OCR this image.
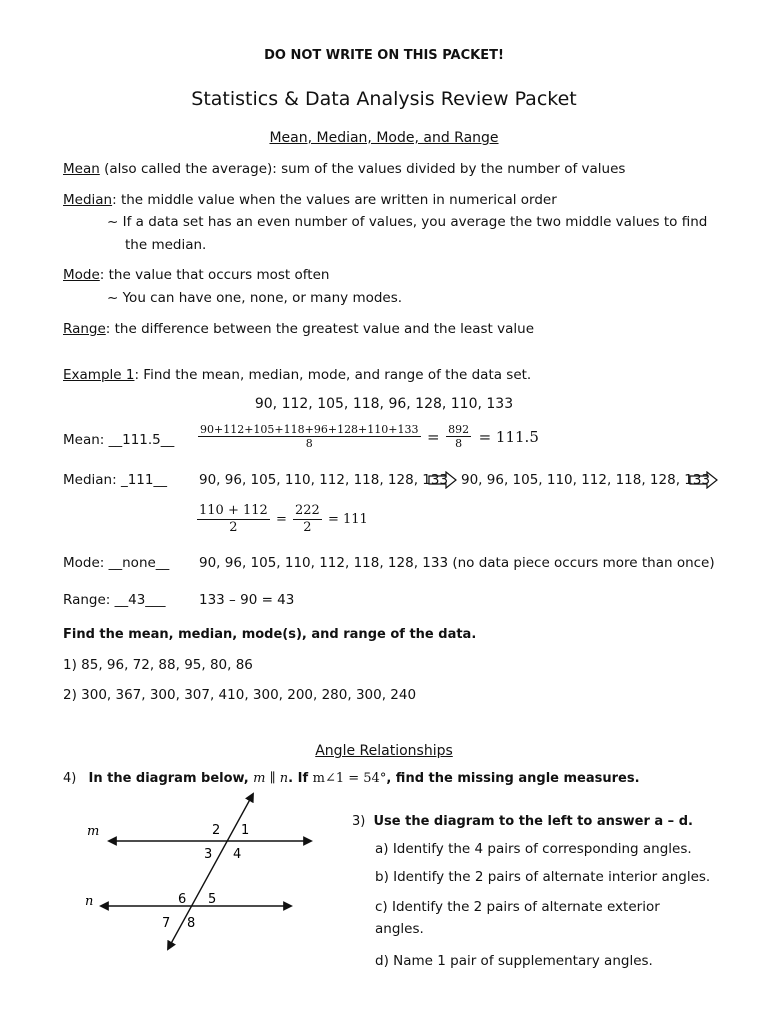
DO NOT WRITE ON THIS PACKET!
Statistics & Data Analysis Review Packet
Mean, Median, Mode, and Range
Mean (also called the average): sum of the values divided by the number of values
Median: the middle value when the values are written in numerical order
~ If a data set has an even number of values, you average the two middle values to find
the median.
Mode: the value that occurs most often
~ You can have one, none, or many modes.
Range: the difference between the greatest value and the least value
Example 1: Find the mean, median, mode, and range of the data set.
90, 112, 105, 118, 96, 128, 110, 133
Mean: __111.5__ $\frac{90+112+105+118+96+128+110+133}{8} = \frac{892}{8} = 111.5$
Median: _111__ 90, 96, 105, 110, 112, 118, 128, 133 90, 96, 105, 110, 112, 118, 128, 133
$\frac{110 + 112}{2} = \frac{222}{2} = 111$
Mode: __none__ 90, 96, 105, 110, 112, 118, 128, 133 (no data piece occurs more than once)
Range: __43___ 133 – 90 = 43
Find the mean, median, mode(s), and range of the data.
1) 85, 96, 72, 88, 95, 80, 86
2) 300, 367, 300, 307, 410, 300, 200, 280, 300, 240
Angle Relationships
4) In the diagram below, m ∥ n. If m∠1 = 54°, find the missing angle measures.
m
n
2 1
3 4
6 5
7 8
3) Use the diagram to the left to answer a – d.
a) Identify the 4 pairs of corresponding angles.
b) Identify the 2 pairs of alternate interior angles.
c) Identify the 2 pairs of alternate exterior
angles.
d) Name 1 pair of supplementary angles.
